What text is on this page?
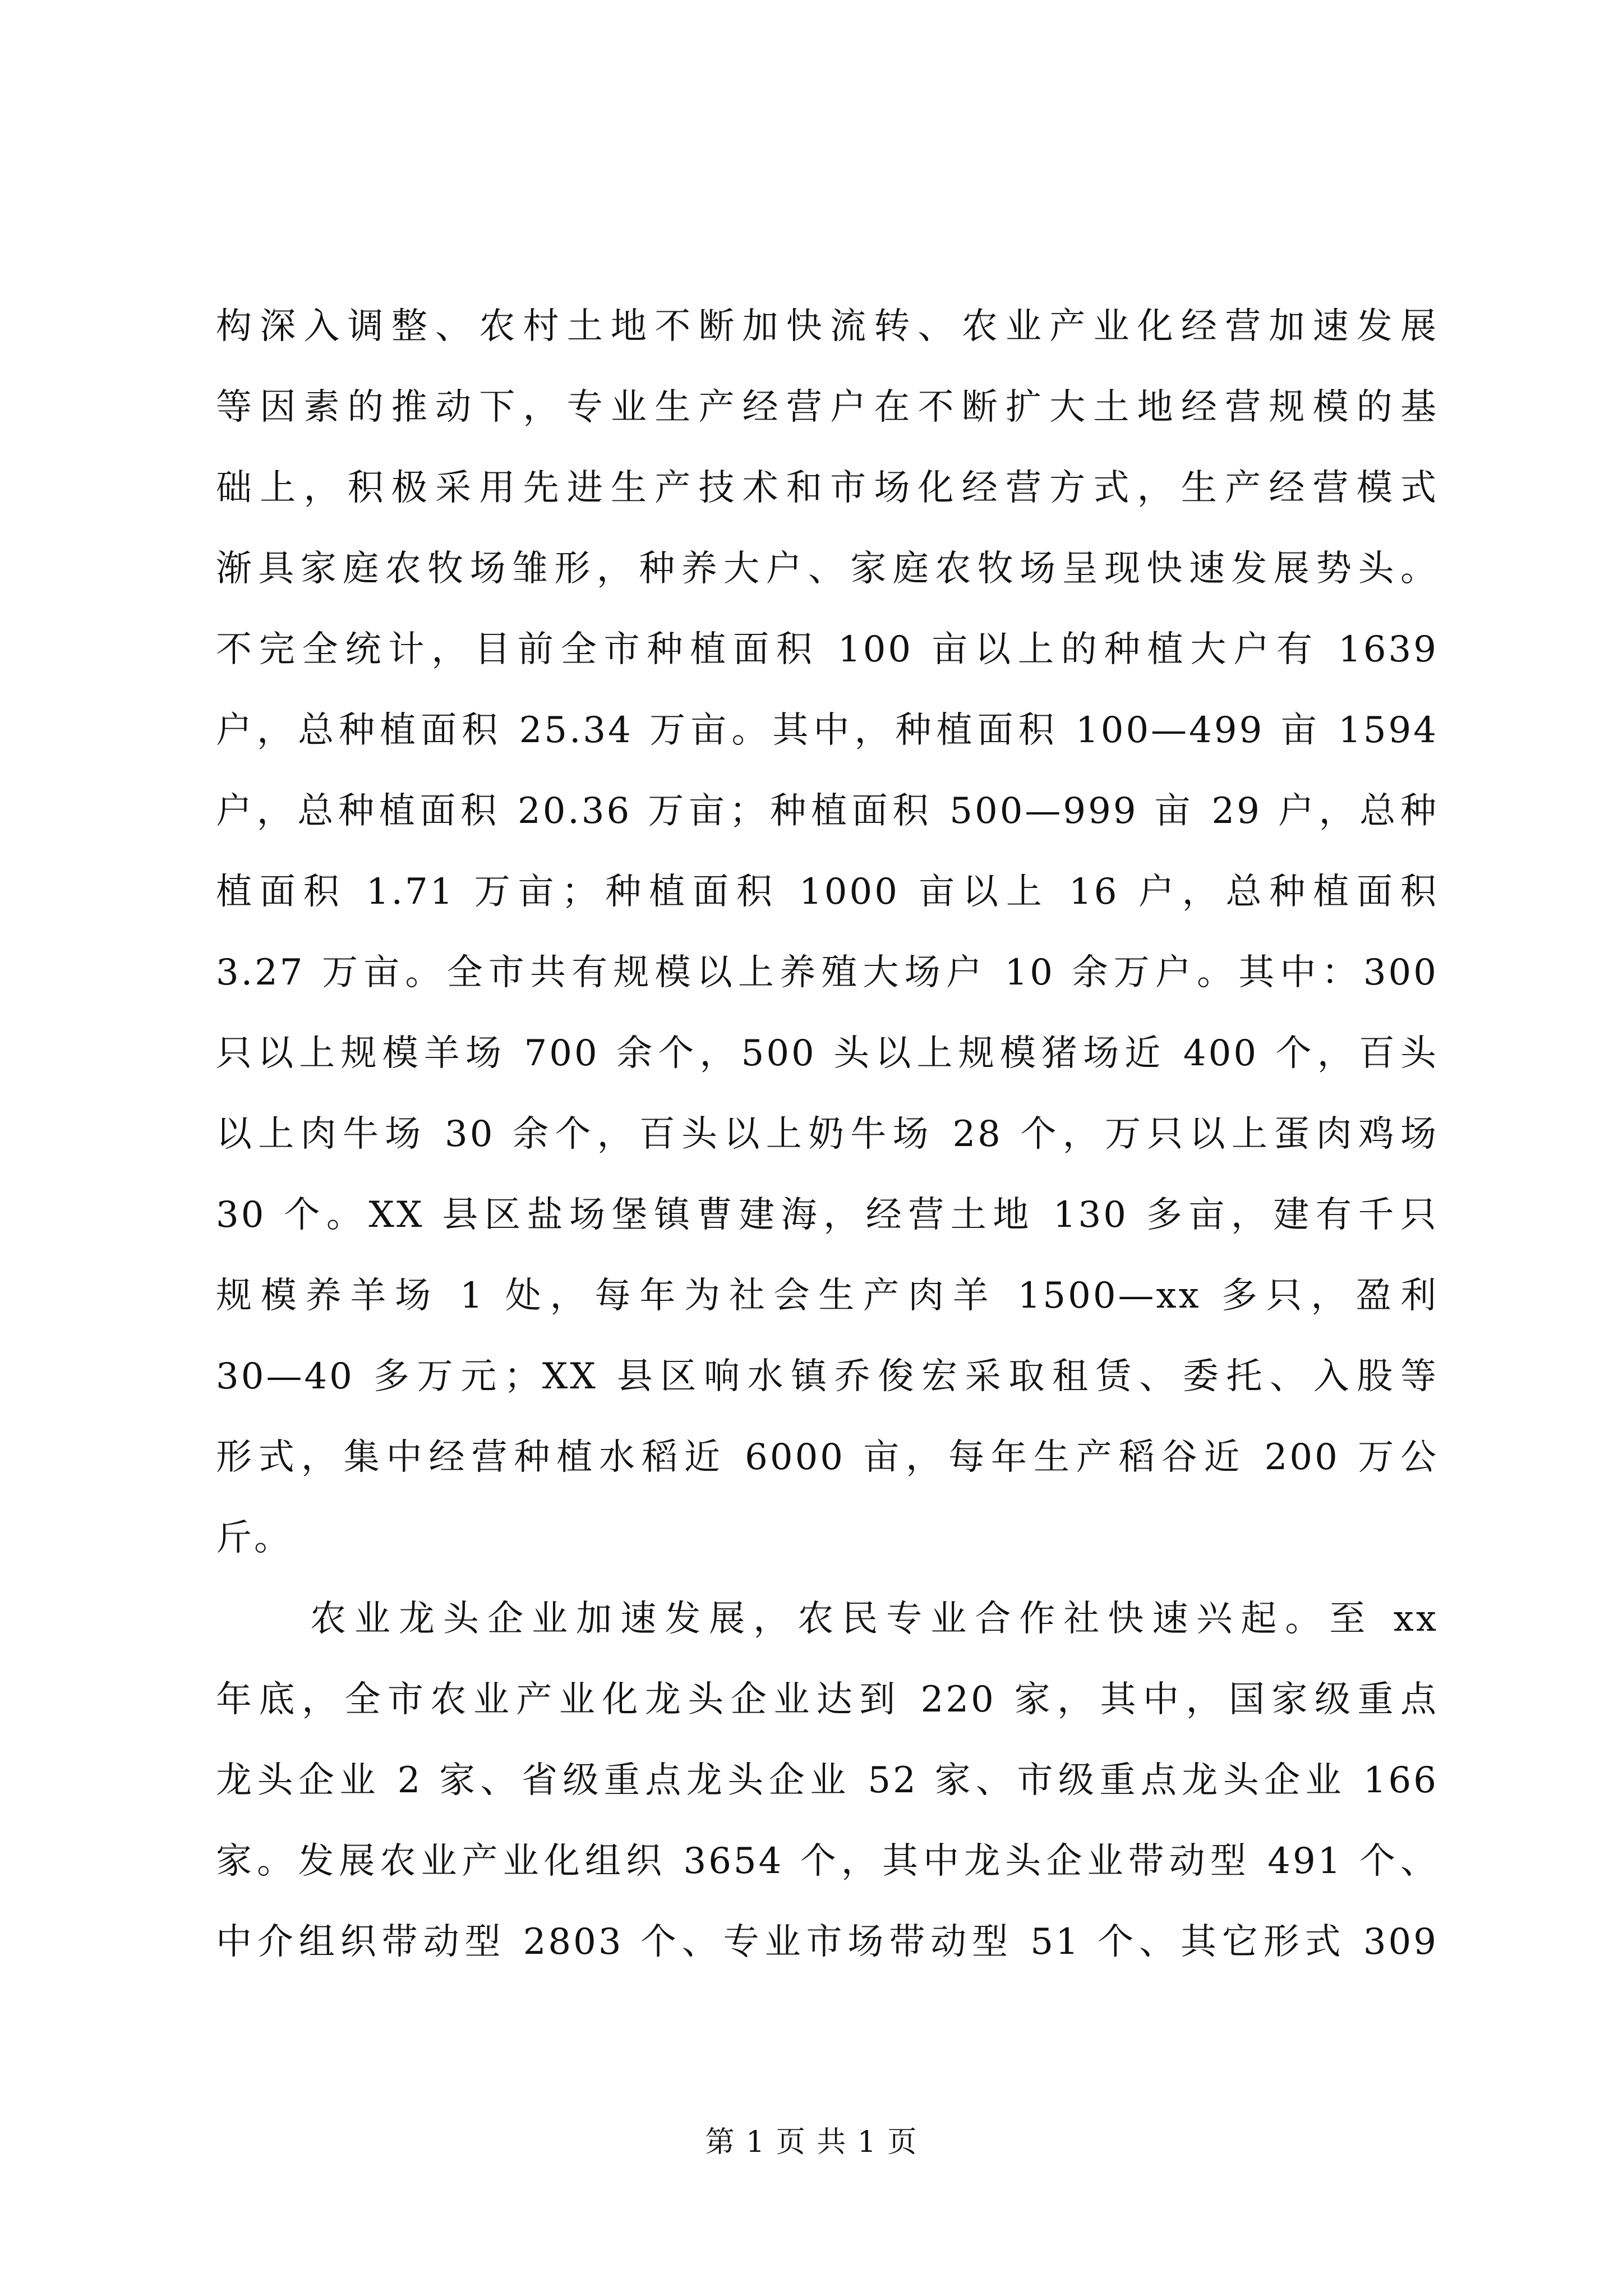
构深入调整、农村土地不断加快流转、农业产业化经营加速发展
等因素的推动下，专业生产经营户在不断扩大土地经营规模的基
础上，积极采用先进生产技术和市场化经营方式，生产经营模式
渐具家庭农牧场雏形，种养大户、家庭农牧场呈现快速发展势头。
不完全统计，目前全市种植面积 100 亩以上的种植大户有 1639
户，总种植面积 25.34 万亩。其中，种植面积 100—499 亩 1594
户，总种植面积 20.36 万亩；种植面积 500—999 亩 29 户，总种
植面积 1.71 万亩；种植面积 1000 亩以上 16 户，总种植面积
3.27 万亩。全市共有规模以上养殖大场户 10 余万户。其中：300
只以上规模羊场 700 余个，500 头以上规模猪场近 400 个，百头
以上肉牛场 30 余个，百头以上奶牛场 28 个，万只以上蛋肉鸡场
30 个。XX 县区盐场堡镇曹建海，经营土地 130 多亩，建有千只
规模养羊场 1 处，每年为社会生产肉羊 1500—xx 多只，盈利
30—40 多万元；XX 县区响水镇乔俊宏采取租赁、委托、入股等
形式，集中经营种植水稻近 6000 亩，每年生产稻谷近 200 万公
斤。
农业龙头企业加速发展，农民专业合作社快速兴起。至 xx
年底，全市农业产业化龙头企业达到 220 家，其中，国家级重点
龙头企业 2 家、省级重点龙头企业 52 家、市级重点龙头企业 166
家。发展农业产业化组织 3654 个，其中龙头企业带动型 491 个、
中介组织带动型 2803 个、专业市场带动型 51 个、其它形式 309
第 1 页 共 1 页
